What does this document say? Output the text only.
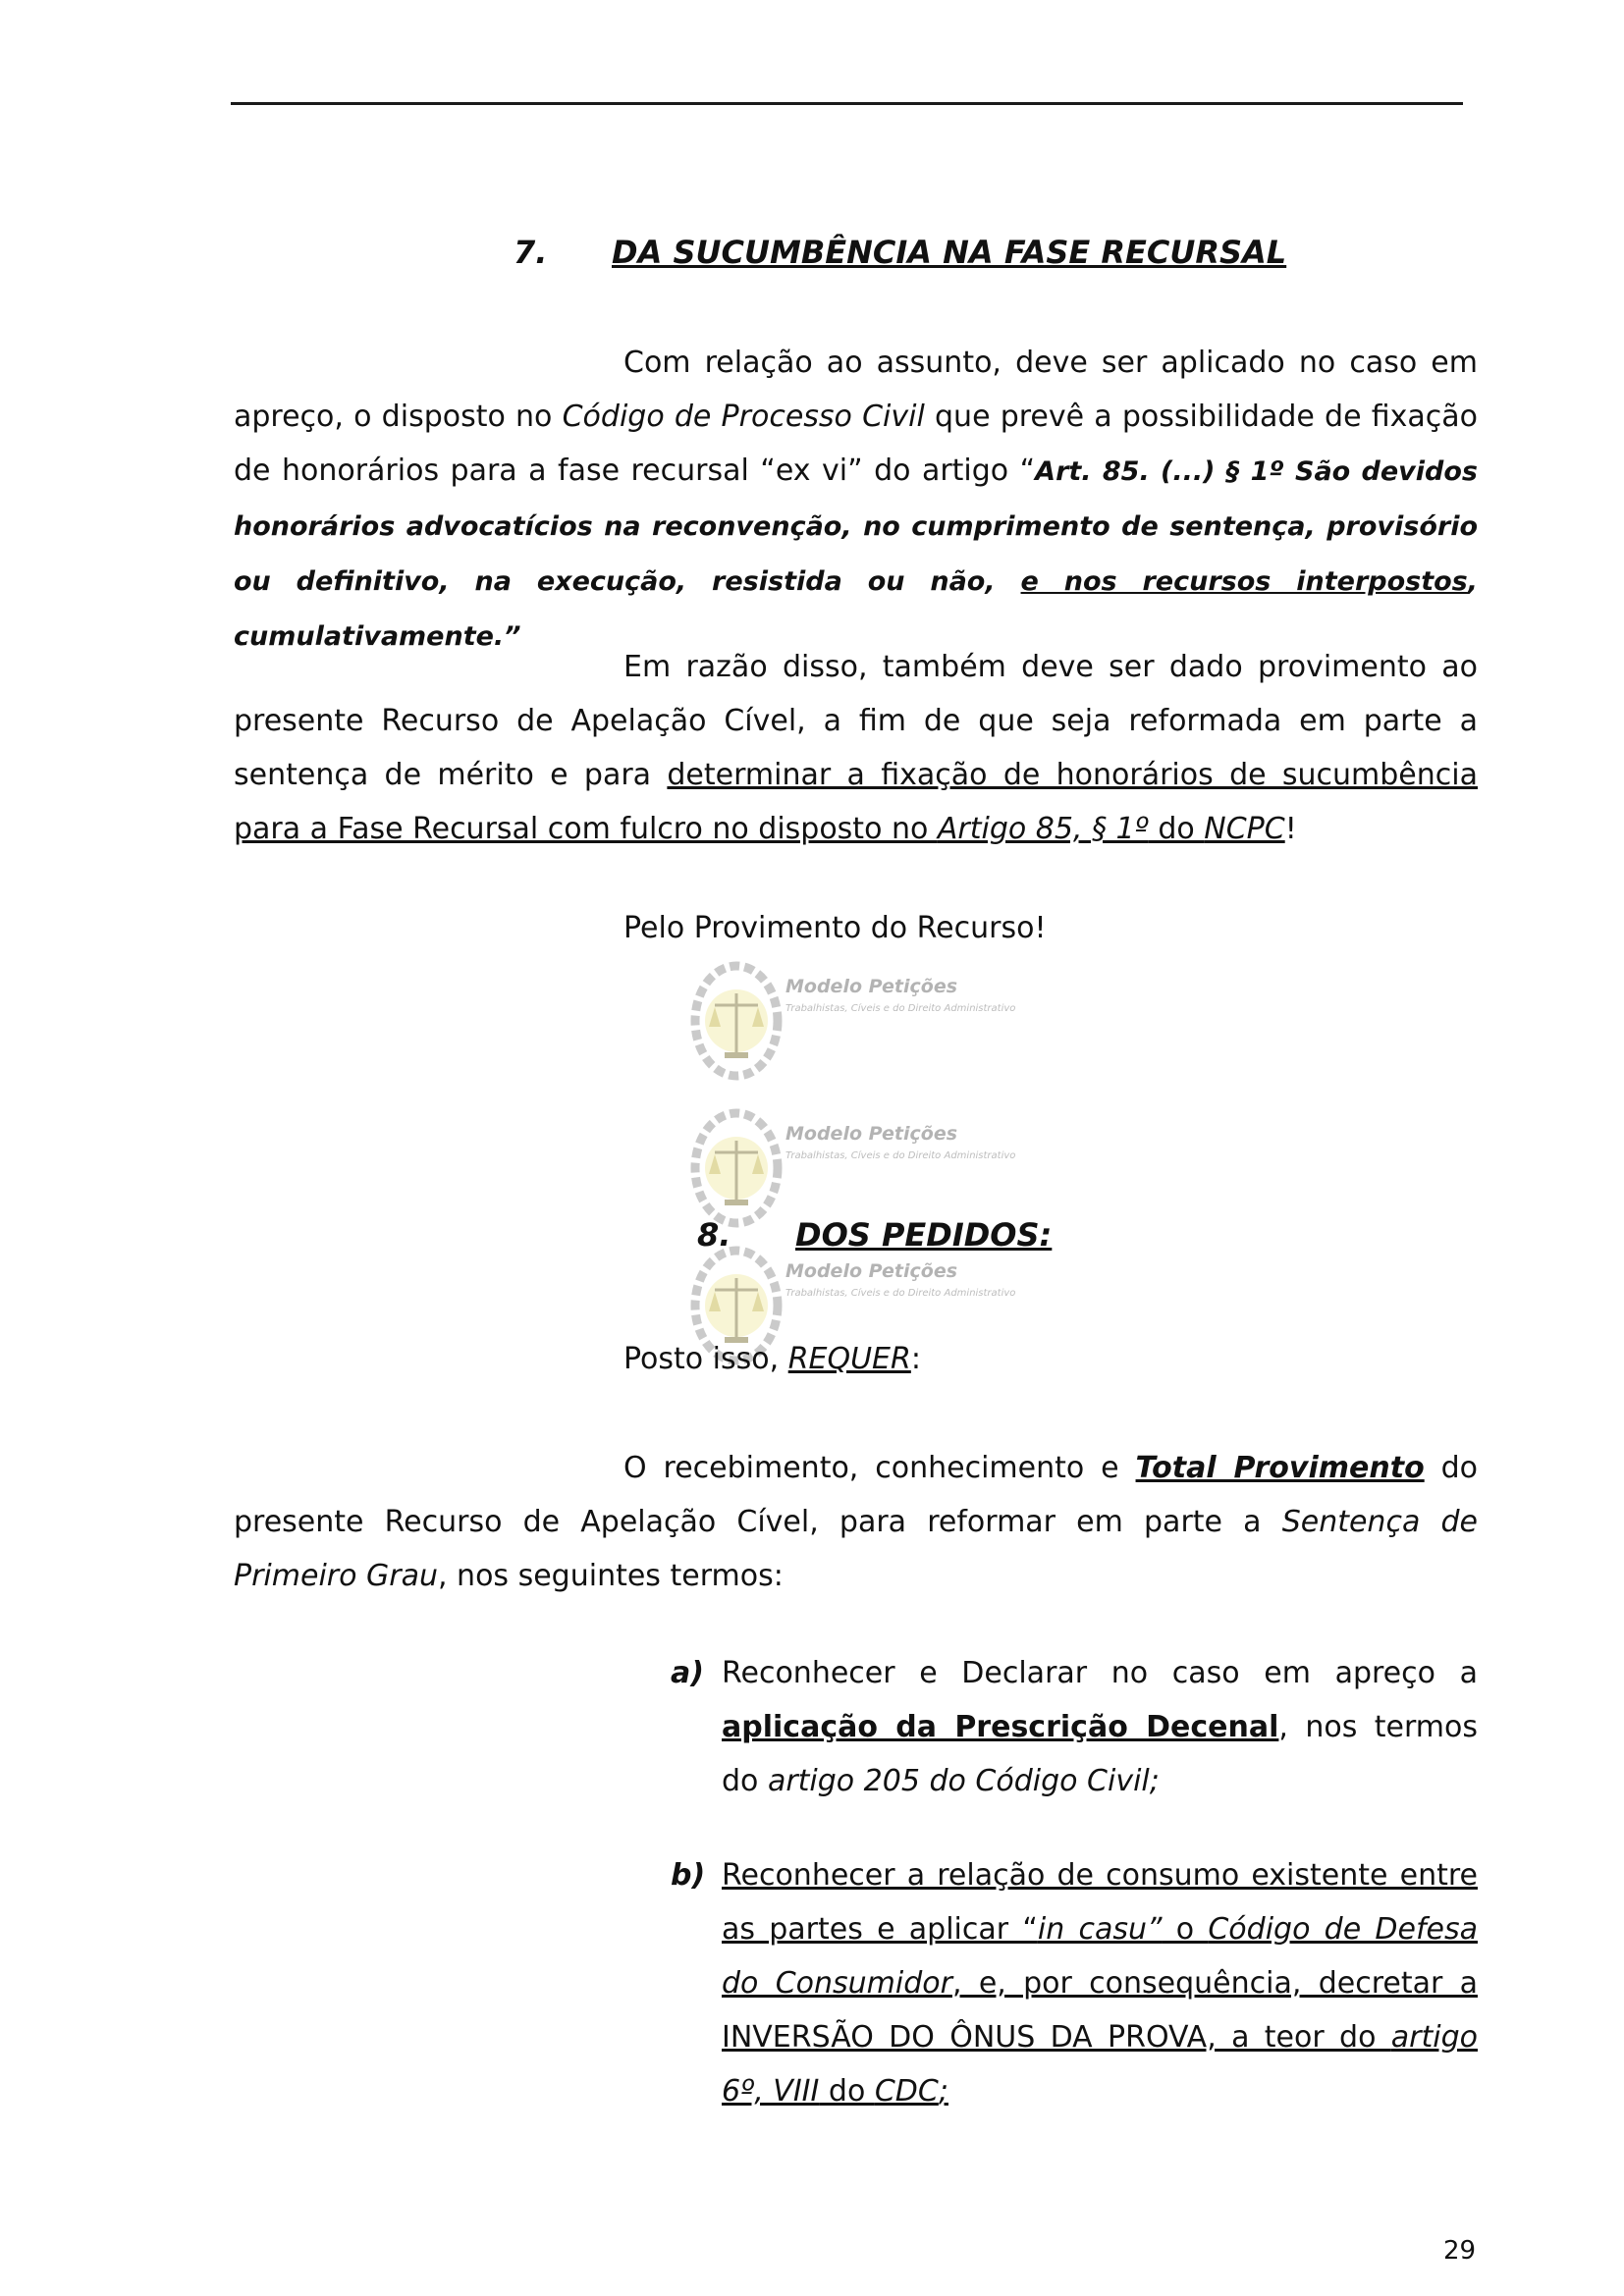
7. DA SUCUMBÊNCIA NA FASE RECURSAL
Com relação ao assunto, deve ser aplicado no caso em apreço, o disposto no Código de Processo Civil que prevê a possibilidade de fixação de honorários para a fase recursal “ex vi” do artigo “Art. 85. (...) § 1º São devidos honorários advocatícios na reconvenção, no cumprimento de sentença, provisório ou definitivo, na execução, resistida ou não, e nos recursos interpostos, cumulativamente.”
Em razão disso, também deve ser dado provimento ao presente Recurso de Apelação Cível, a fim de que seja reformada em parte a sentença de mérito e para determinar a fixação de honorários de sucumbência para a Fase Recursal com fulcro no disposto no Artigo 85, § 1º do NCPC!
Pelo Provimento do Recurso!
Modelo Petições
Trabalhistas, Cíveis e do Direito Administrativo
Modelo Petições
Trabalhistas, Cíveis e do Direito Administrativo
8. DOS PEDIDOS:
Modelo Petições
Trabalhistas, Cíveis e do Direito Administrativo
Posto isso, REQUER:
O recebimento, conhecimento e Total Provimento do presente Recurso de Apelação Cível, para reformar em parte a Sentença de Primeiro Grau, nos seguintes termos:
a) Reconhecer e Declarar no caso em apreço a aplicação da Prescrição Decenal, nos termos do artigo 205 do Código Civil;
b) Reconhecer a relação de consumo existente entre as partes e aplicar “in casu” o Código de Defesa do Consumidor, e, por consequência, decretar a INVERSÃO DO ÔNUS DA PROVA, a teor do artigo 6º, VIII do CDC;
29
